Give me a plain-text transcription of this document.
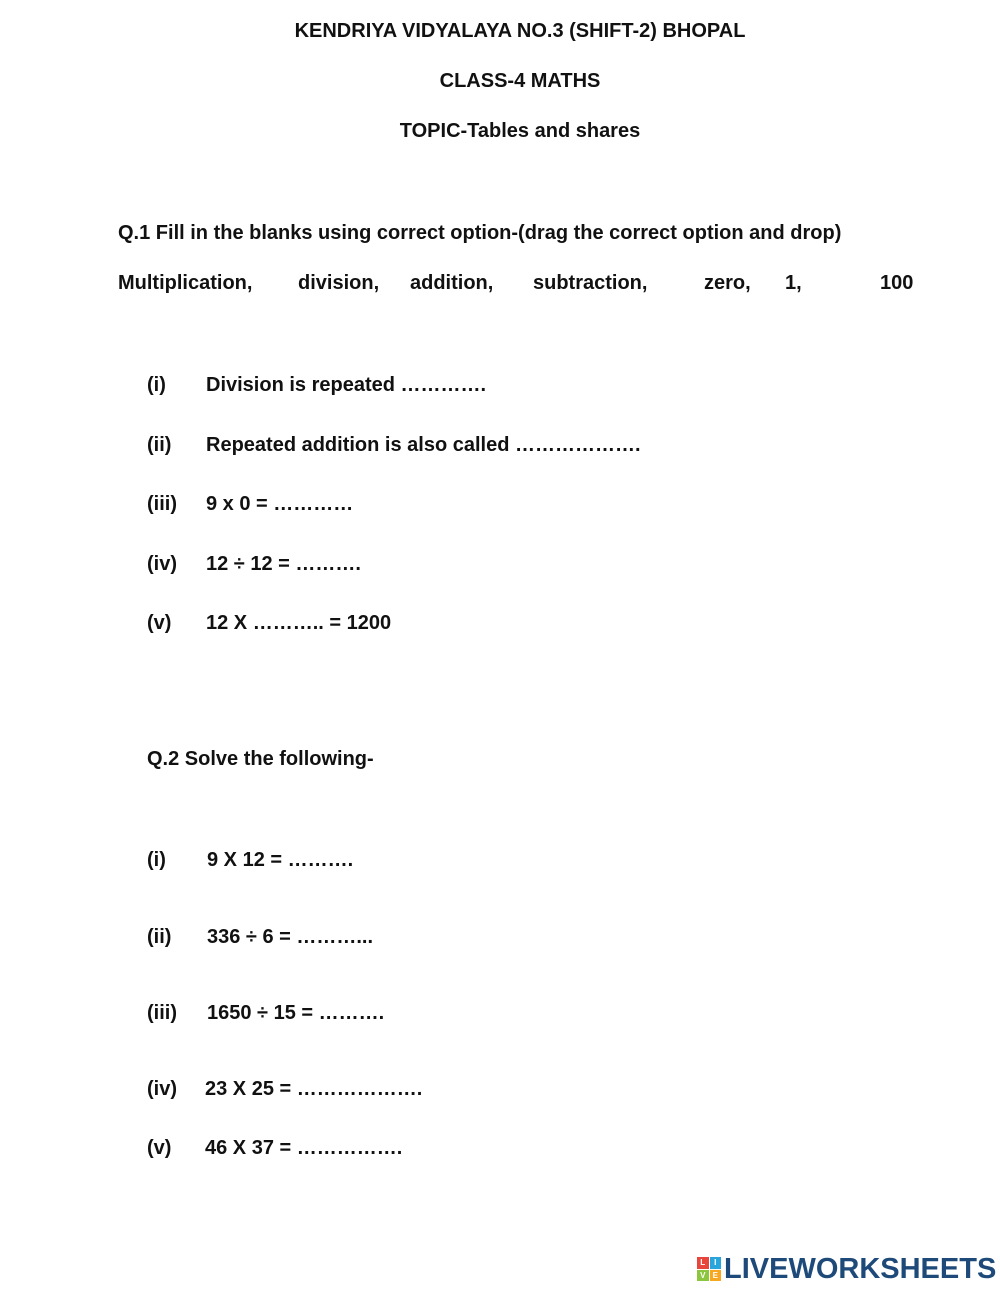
KENDRIYA VIDYALAYA NO.3 (SHIFT-2) BHOPAL
CLASS-4 MATHS
TOPIC-Tables and shares
Q.1 Fill in the blanks using correct option-(drag the correct option and drop)
Multiplication, division, addition, subtraction,	zero, 1,	100
(i) Division is repeated ………….
(ii) Repeated addition is also called ……………….
(iii) 9 x 0 = …………
(iv) 12 ÷ 12 = ……….
(v) 12 X ……….. = 1200
Q.2 Solve the following-
(i) 9 X 12 = ……….
(ii) 336 ÷ 6 = ………...
(iii) 1650 ÷ 15 = ……….
(iv) 23 X 25 = ……………….
(v) 46 X 37 = …………….
L	I
V E LIVEWORKSHEETS
